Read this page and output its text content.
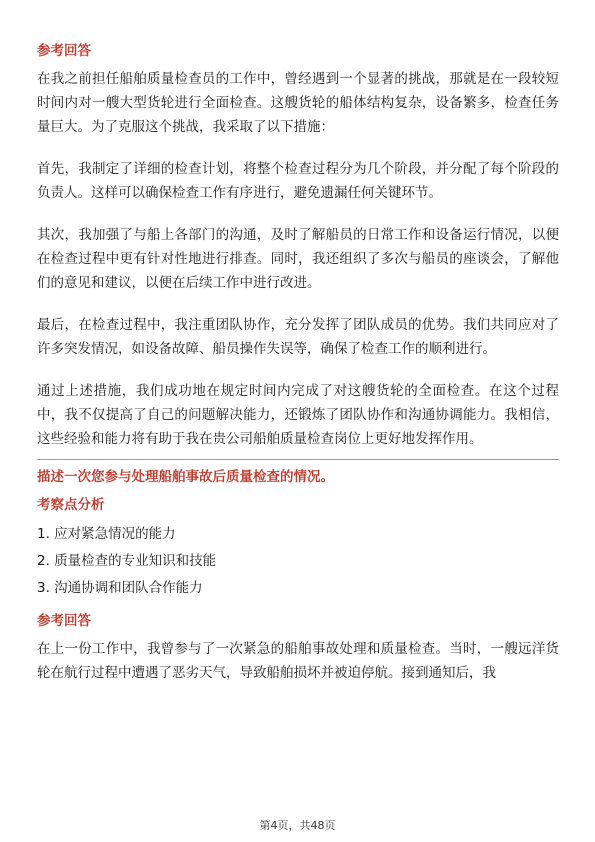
参考回答

在我之前担任船舶质量检查员的工作中，曾经遇到一个显著的挑战，那就是在一段较短时间内对一艘大型货轮进行全面检查。这艘货轮的船体结构复杂，设备繁多，检查任务量巨大。为了克服这个挑战，我采取了以下措施：

首先，我制定了详细的检查计划，将整个检查过程分为几个阶段，并分配了每个阶段的负责人。这样可以确保检查工作有序进行，避免遗漏任何关键环节。

其次，我加强了与船上各部门的沟通，及时了解船员的日常工作和设备运行情况，以便在检查过程中更有针对性地进行排查。同时，我还组织了多次与船员的座谈会，了解他们的意见和建议，以便在后续工作中进行改进。

最后，在检查过程中，我注重团队协作，充分发挥了团队成员的优势。我们共同应对了许多突发情况，如设备故障、船员操作失误等，确保了检查工作的顺利进行。

通过上述措施，我们成功地在规定时间内完成了对这艘货轮的全面检查。在这个过程中，我不仅提高了自己的问题解决能力，还锻炼了团队协作和沟通协调能力。我相信，这些经验和能力将有助于我在贵公司船舶质量检查岗位上更好地发挥作用。

描述一次您参与处理船舶事故后质量检查的情况。
考察点分析
1. 应对紧急情况的能力
2. 质量检查的专业知识和技能
3. 沟通协调和团队合作能力
参考回答

在上一份工作中，我曾参与了一次紧急的船舶事故处理和质量检查。当时，一艘远洋货轮在航行过程中遭遇了恶劣天气，导致船舶损坏并被迫停航。接到通知后，我

第4页，共48页
